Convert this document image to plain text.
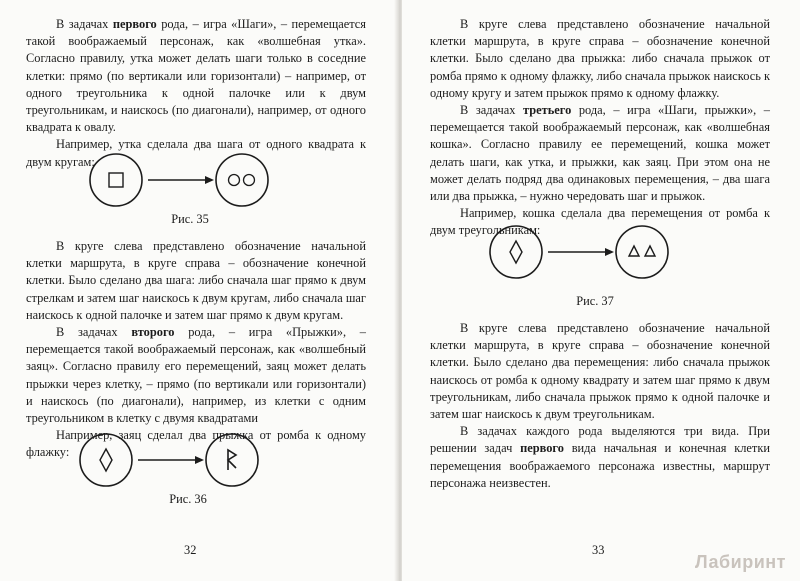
В задачах первого рода, – игра «Шаги», – перемещается такой воображаемый персонаж, как «волшебная утка». Согласно правилу, утка может делать шаги только в соседние клетки: прямо (по вертикали или горизонтали) – например, от одного треугольника к одной палочке или к двум треугольникам, и наискось (по диагонали), например, от одного квадрата к овалу.

Например, утка сделала два шага от одного квадрата к двум кругам:

Рис. 35

В круге слева представлено обозначение начальной клетки маршрута, в круге справа – обозначение конечной клетки. Было сделано два шага: либо сначала шаг прямо к двум стрелкам и затем шаг наискось к двум кругам, либо сначала шаг наискось к одной палочке и затем шаг прямо к двум кругам.

В задачах второго рода, – игра «Прыжки», – перемещается такой воображаемый персонаж, как «волшебный заяц». Согласно правилу его перемещений, заяц может делать прыжки через клетку, – прямо (по вертикали или горизонтали) и наискось (по диагонали), например, из клетки с одним треугольником в клетку с двумя квадратами

Например, заяц сделал два прыжка от ромба к одному флажку:

Рис. 36
32

В круге слева представлено обозначение начальной клетки маршрута, в круге справа – обозначение конечной клетки. Было сделано два прыжка: либо сначала прыжок от ромба прямо к одному флажку, либо сначала прыжок наискось к одному кругу и затем прыжок прямо к одному флажку.

В задачах третьего рода, – игра «Шаги, прыжки», – перемещается такой воображаемый персонаж, как «волшебная кошка». Согласно правилу ее перемещений, кошка может делать шаги, как утка, и прыжки, как заяц. При этом она не может делать подряд два одинаковых перемещения, – два шага или два прыжка, – нужно чередовать шаг и прыжок.

Например, кошка сделала два перемещения от ромба к двум треугольникам:

Рис. 37

В круге слева представлено обозначение начальной клетки маршрута, в круге справа – обозначение конечной клетки. Было сделано два перемещения: либо сначала прыжок наискось от ромба к одному квадрату и затем шаг прямо к двум треугольникам, либо сначала прыжок прямо к одной палочке и затем шаг наискось к двум треугольникам.

В задачах каждого рода выделяются три вида. При решении задач первого вида начальная и конечная клетки перемещения воображаемого персонажа известны, маршрут персонажа неизвестен.

33
Лабиринт
